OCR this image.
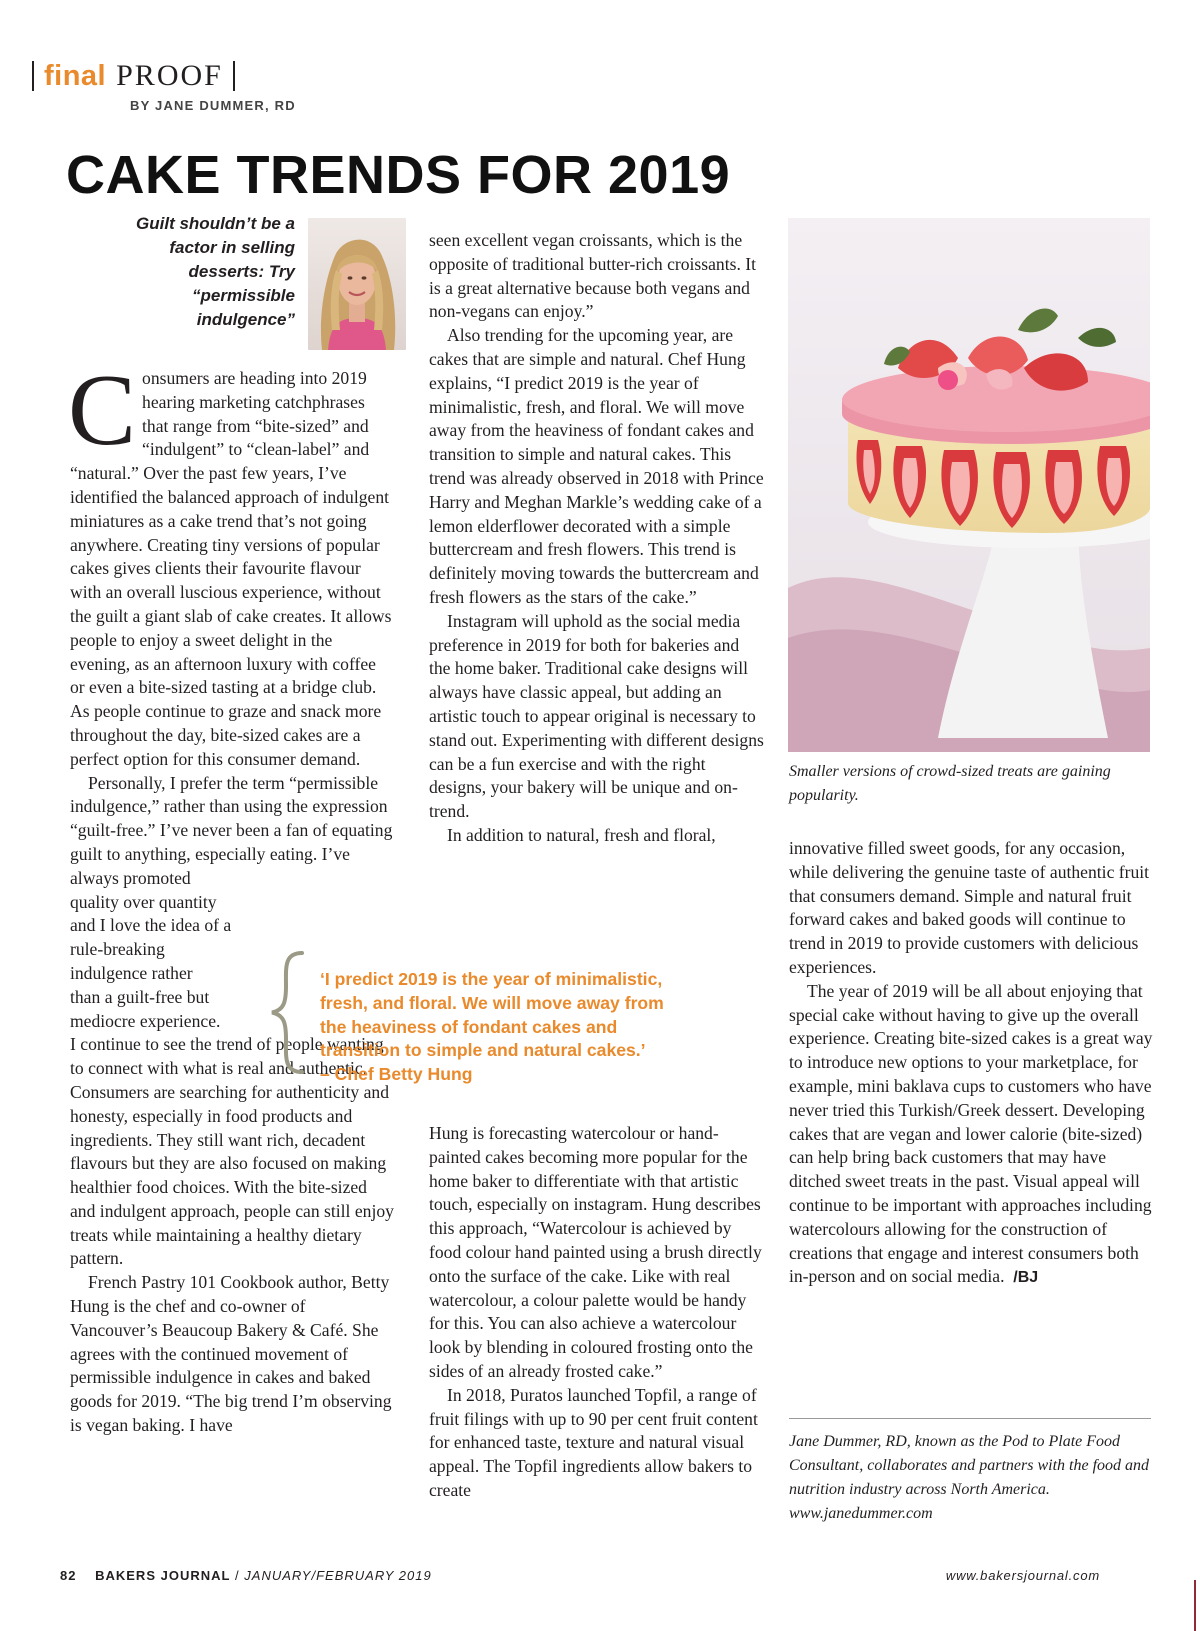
final PROOF
BY JANE DUMMER, RD
CAKE TRENDS FOR 2019
Guilt shouldn’t be a factor in selling desserts: Try “permissible indulgence”
C onsumers are heading into 2019 hearing marketing catchphrases that range from “bite-sized” and “indulgent” to “clean-label” and “natural.” Over the past few years, I’ve identified the balanced approach of indulgent miniatures as a cake trend that’s not going anywhere. Creating tiny versions of popular cakes gives clients their favourite flavour with an overall luscious experience, without the guilt a giant slab of cake creates. It allows people to enjoy a sweet delight in the evening, as an afternoon luxury with coffee or even a bite-sized tasting at a bridge club. As people continue to graze and snack more throughout the day, bite-sized cakes are a perfect option for this consumer demand.

Personally, I prefer the term “permissible indulgence,” rather than using the expression “guilt-free.” I’ve never been a fan of equating guilt to anything, especially eating. I’ve always promoted

quality over quantity
and I love the idea of a
rule-breaking
indulgence rather
than a guilt-free but
mediocre experience.

I continue to see the trend of people wanting to connect with what is real and authentic. Consumers are searching for authenticity and honesty, especially in food products and ingredients. They still want rich, decadent flavours but they are also focused on making healthier food choices. With the bite-sized and indulgent approach, people can still enjoy treats while maintaining a healthy dietary pattern.

French Pastry 101 Cookbook author, Betty Hung is the chef and co-owner of Vancouver’s Beaucoup Bakery & Café. She agrees with the continued movement of permissible indulgence in cakes and baked goods for 2019. “The big trend I’m observing is vegan baking. I have

seen excellent vegan croissants, which is the opposite of traditional butter-rich croissants. It is a great alternative because both vegans and non-vegans can enjoy.”

Also trending for the upcoming year, are cakes that are simple and natural. Chef Hung explains, “I predict 2019 is the year of minimalistic, fresh, and floral. We will move away from the heaviness of fondant cakes and transition to simple and natural cakes. This trend was already observed in 2018 with Prince Harry and Meghan Markle’s wedding cake of a lemon elderflower decorated with a simple buttercream and fresh flowers. This trend is definitely moving towards the buttercream and fresh flowers as the stars of the cake.”

Instagram will uphold as the social media preference in 2019 for both for bakeries and the home baker. Traditional cake designs will always have classic appeal, but adding an artistic touch to appear original is necessary to stand out. Experimenting with different designs can be a fun exercise and with the right designs, your bakery will be unique and on-trend.

In addition to natural, fresh and floral,

‘I predict 2019 is the year of minimalistic,
fresh, and floral. We will move away from
the heaviness of fondant cakes and
transition to simple and natural cakes.’
– Chef Betty Hung

Hung is forecasting watercolour or hand-painted cakes becoming more popular for the home baker to differentiate with that artistic touch, especially on instagram. Hung describes this approach, “Watercolour is achieved by food colour hand painted using a brush directly onto the surface of the cake. Like with real watercolour, a colour palette would be handy for this. You can also achieve a watercolour look by blending in coloured frosting onto the sides of an already frosted cake.”

In 2018, Puratos launched Topfil, a range of fruit filings with up to 90 per cent fruit content for enhanced taste, texture and natural visual appeal. The Topfil ingredients allow bakers to create

Smaller versions of crowd-sized treats are gaining popularity.

innovative filled sweet goods, for any occasion, while delivering the genuine taste of authentic fruit that consumers demand. Simple and natural fruit forward cakes and baked goods will continue to trend in 2019 to provide customers with delicious experiences.

The year of 2019 will be all about enjoying that special cake without having to give up the overall experience. Creating bite-sized cakes is a great way to introduce new options to your marketplace, for example, mini baklava cups to customers who have never tried this Turkish/Greek dessert. Developing cakes that are vegan and lower calorie (bite-sized) can help bring back customers that may have ditched sweet treats in the past. Visual appeal will continue to be important with approaches including watercolours allowing for the construction of creations that engage and interest consumers both in-person and on social media. /BJ

Jane Dummer, RD, known as the Pod to Plate Food Consultant, collaborates and partners with the food and nutrition industry across North America. www.janedummer.com
82 BAKERS JOURNAL / JANUARY/FEBRUARY 2019	www.bakersjournal.com
